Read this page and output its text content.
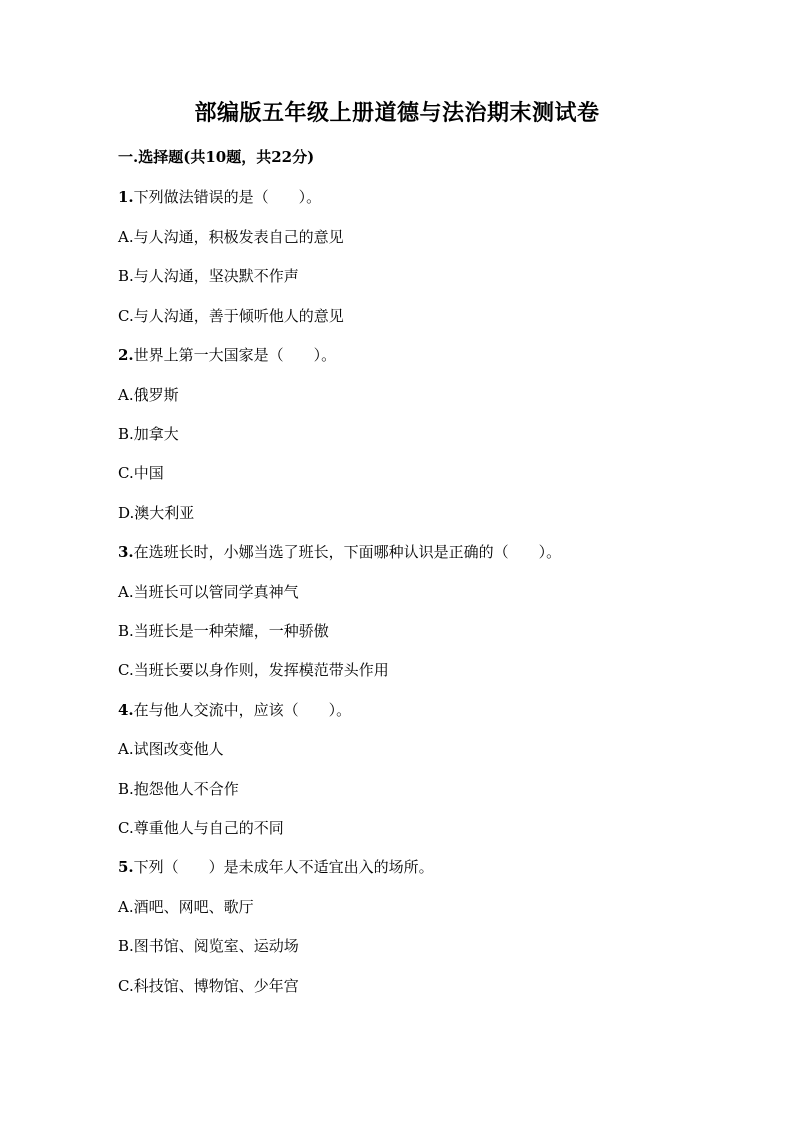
部编版五年级上册道德与法治期末测试卷
一.选择题(共10题，共22分)
1.下列做法错误的是（　　）。
A.与人沟通，积极发表自己的意见
B.与人沟通，坚决默不作声
C.与人沟通，善于倾听他人的意见
2.世界上第一大国家是（　　）。
A.俄罗斯
B.加拿大
C.中国
D.澳大利亚
3.在选班长时，小娜当选了班长，下面哪种认识是正确的（　　）。
A.当班长可以管同学真神气
B.当班长是一种荣耀，一种骄傲
C.当班长要以身作则，发挥模范带头作用
4.在与他人交流中，应该（　　）。
A.试图改变他人
B.抱怨他人不合作
C.尊重他人与自己的不同
5.下列（　　）是未成年人不适宜出入的场所。
A.酒吧、网吧、歌厅
B.图书馆、阅览室、运动场
C.科技馆、博物馆、少年宫
